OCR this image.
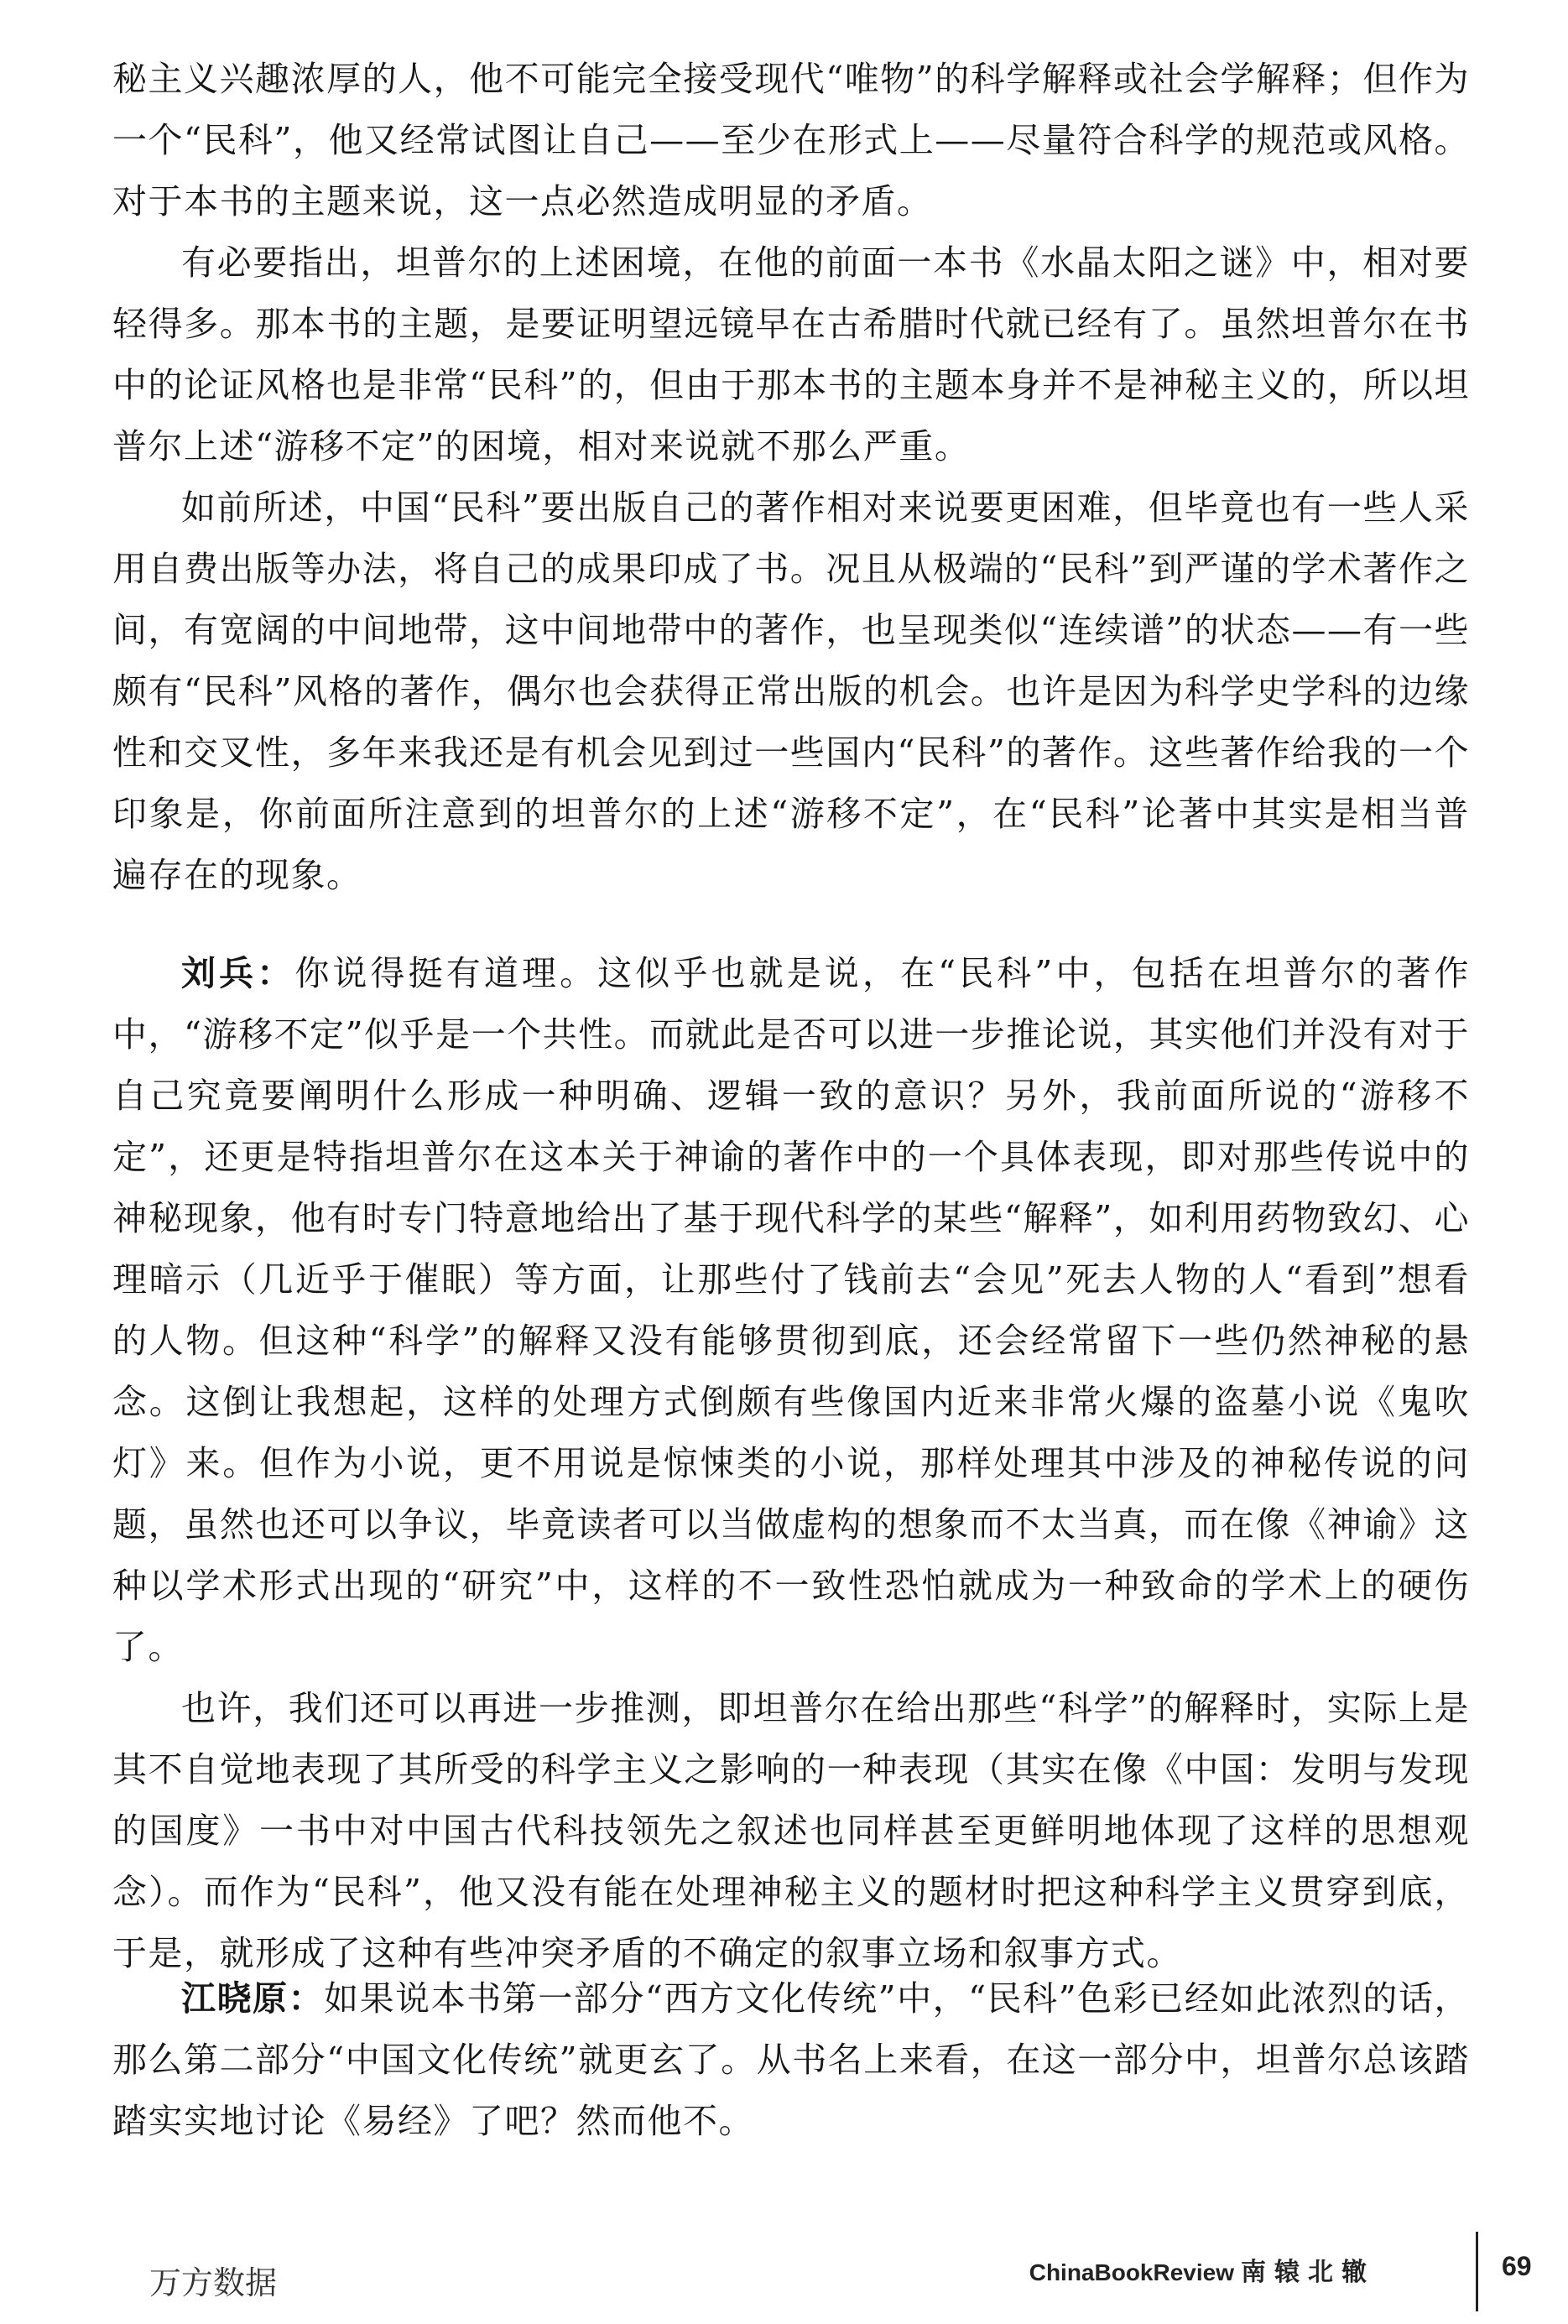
秘主义兴趣浓厚的人，他不可能完全接受现代“唯物”的科学解释或社会学解释；但作为一个“民科”，他又经常试图让自己——至少在形式上——尽量符合科学的规范或风格。对于本书的主题来说，这一点必然造成明显的矛盾。

有必要指出，坦普尔的上述困境，在他的前面一本书《水晶太阳之谜》中，相对要轻得多。那本书的主题，是要证明望远镜早在古希腊时代就已经有了。虽然坦普尔在书中的论证风格也是非常“民科”的，但由于那本书的主题本身并不是神秘主义的，所以坦普尔上述“游移不定”的困境，相对来说就不那么严重。

如前所述，中国“民科”要出版自己的著作相对来说要更困难，但毕竟也有一些人采用自费出版等办法，将自己的成果印成了书。况且从极端的“民科”到严谨的学术著作之间，有宽阔的中间地带，这中间地带中的著作，也呈现类似“连续谱”的状态——有一些颇有“民科”风格的著作，偶尔也会获得正常出版的机会。也许是因为科学史学科的边缘性和交叉性，多年来我还是有机会见到过一些国内“民科”的著作。这些著作给我的一个印象是，你前面所注意到的坦普尔的上述“游移不定”，在“民科”论著中其实是相当普遍存在的现象。

刘兵：你说得挺有道理。这似乎也就是说，在“民科”中，包括在坦普尔的著作中，“游移不定”似乎是一个共性。而就此是否可以进一步推论说，其实他们并没有对于自己究竟要阐明什么形成一种明确、逻辑一致的意识？另外，我前面所说的“游移不定”，还更是特指坦普尔在这本关于神谕的著作中的一个具体表现，即对那些传说中的神秘现象，他有时专门特意地给出了基于现代科学的某些“解释”，如利用药物致幻、心理暗示（几近乎于催眠）等方面，让那些付了钱前去“会见”死去人物的人“看到”想看的人物。但这种“科学”的解释又没有能够贯彻到底，还会经常留下一些仍然神秘的悬念。这倒让我想起，这样的处理方式倒颇有些像国内近来非常火爆的盗墓小说《鬼吹灯》来。但作为小说，更不用说是惊悚类的小说，那样处理其中涉及的神秘传说的问题，虽然也还可以争议，毕竟读者可以当做虚构的想象而不太当真，而在像《神谕》这种以学术形式出现的“研究”中，这样的不一致性恐怕就成为一种致命的学术上的硬伤了。

也许，我们还可以再进一步推测，即坦普尔在给出那些“科学”的解释时，实际上是其不自觉地表现了其所受的科学主义之影响的一种表现（其实在像《中国：发明与发现的国度》一书中对中国古代科技领先之叙述也同样甚至更鲜明地体现了这样的思想观念）。而作为“民科”，他又没有能在处理神秘主义的题材时把这种科学主义贯穿到底，于是，就形成了这种有些冲突矛盾的不确定的叙事立场和叙事方式。

江晓原：如果说本书第一部分“西方文化传统”中，“民科”色彩已经如此浓烈的话，那么第二部分“中国文化传统”就更玄了。从书名上来看，在这一部分中，坦普尔总该踏踏实实地讨论《易经》了吧？然而他不。

万方数据	ChinaBookReview 南辕北辙	69
